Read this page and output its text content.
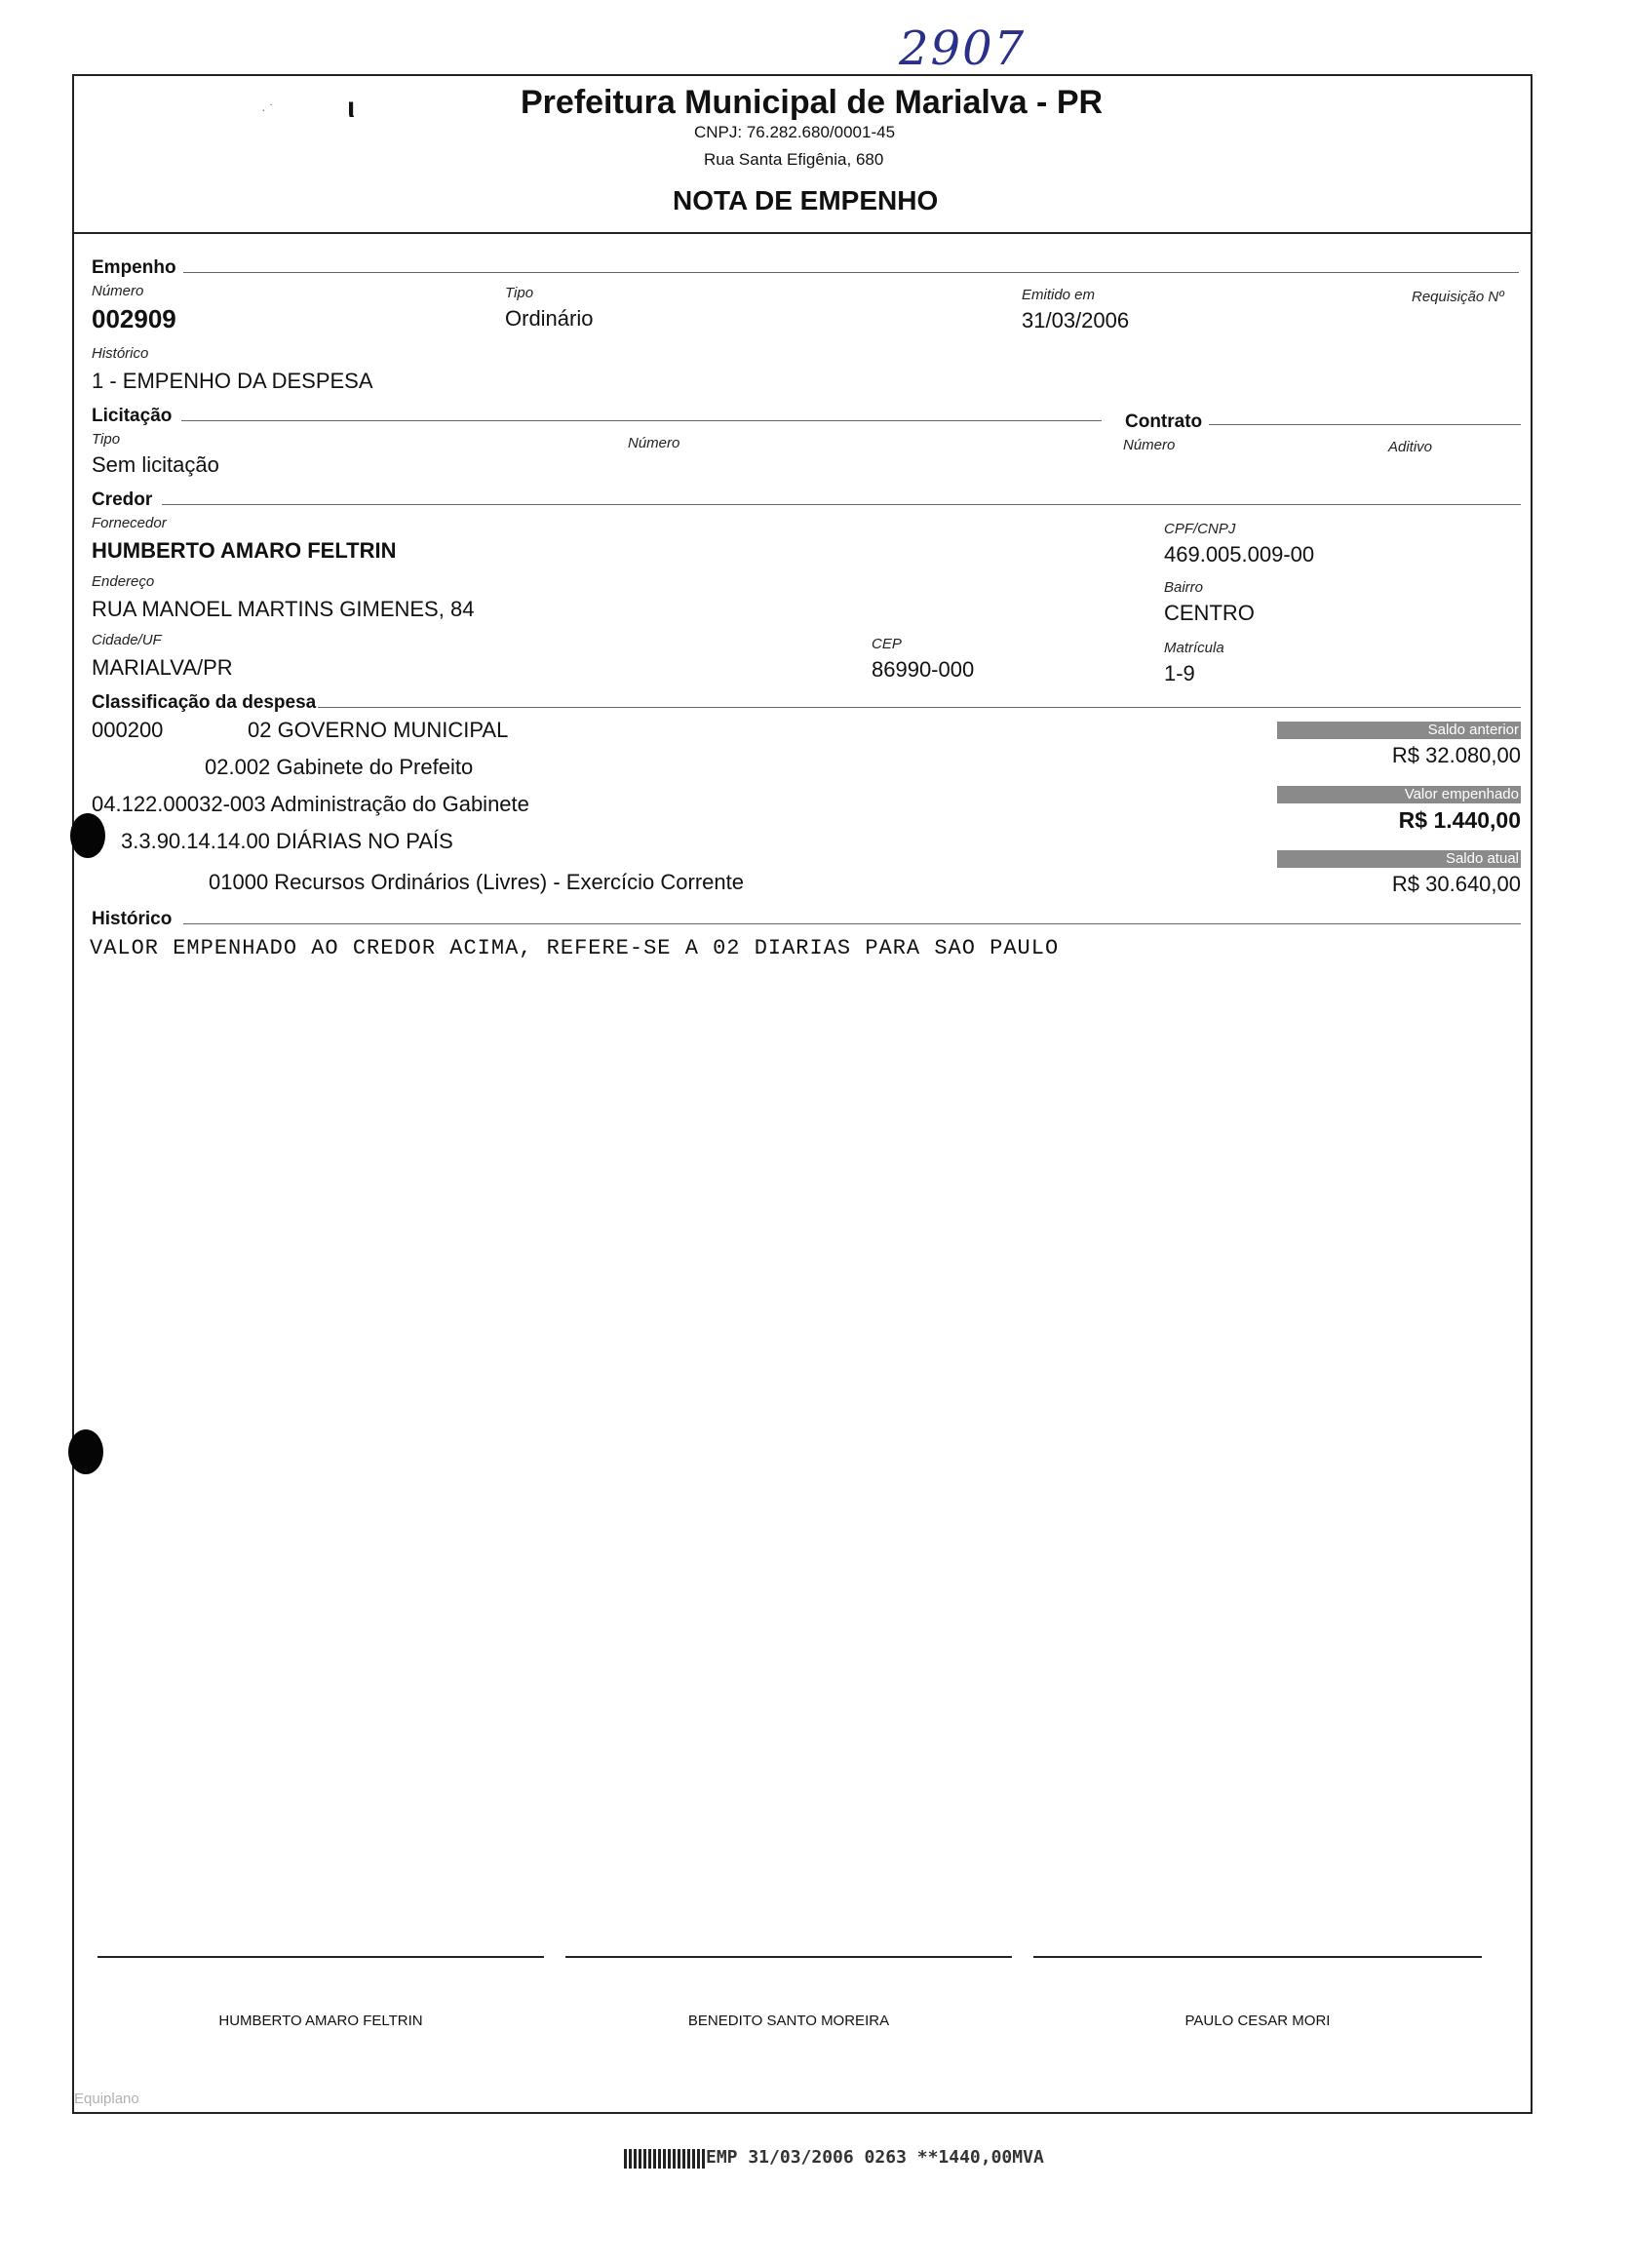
2907
· ˙ ι	Prefeitura Municipal de Marialva - PR
CNPJ: 76.282.680/0001-45
Rua Santa Efigênia, 680
NOTA DE EMPENHO
Empenho
Número
002909
Tipo
Ordinário
Emitido em
31/03/2006
Requisição Nº
Histórico
1 - EMPENHO DA DESPESA
Licitação	Contrato
Tipo
Sem licitação
Número	Número	Aditivo
Credor
Fornecedor
HUMBERTO AMARO FELTRIN
CPF/CNPJ
469.005.009-00
Endereço
RUA MANOEL MARTINS GIMENES, 84
Bairro
CENTRO
Cidade/UF
MARIALVA/PR
CEP
86990-000
Matrícula
1-9
Classificação da despesa
000200	02 GOVERNO MUNICIPAL
02.002 Gabinete do Prefeito
04.122.00032-003 Administração do Gabinete
3.3.90.14.14.00 DIÁRIAS NO PAÍS
01000 Recursos Ordinários (Livres) - Exercício Corrente
Saldo anterior
R$ 32.080,00
Valor empenhado
R$ 1.440,00
Saldo atual
R$ 30.640,00
Histórico
VALOR EMPENHADO AO CREDOR ACIMA, REFERE-SE A 02 DIARIAS PARA SAO PAULO
HUMBERTO AMARO FELTRIN	BENEDITO SANTO MOREIRA	PAULO CESAR MORI
Equiplano
EMP 31/03/2006 0263 **1440,00MVA
